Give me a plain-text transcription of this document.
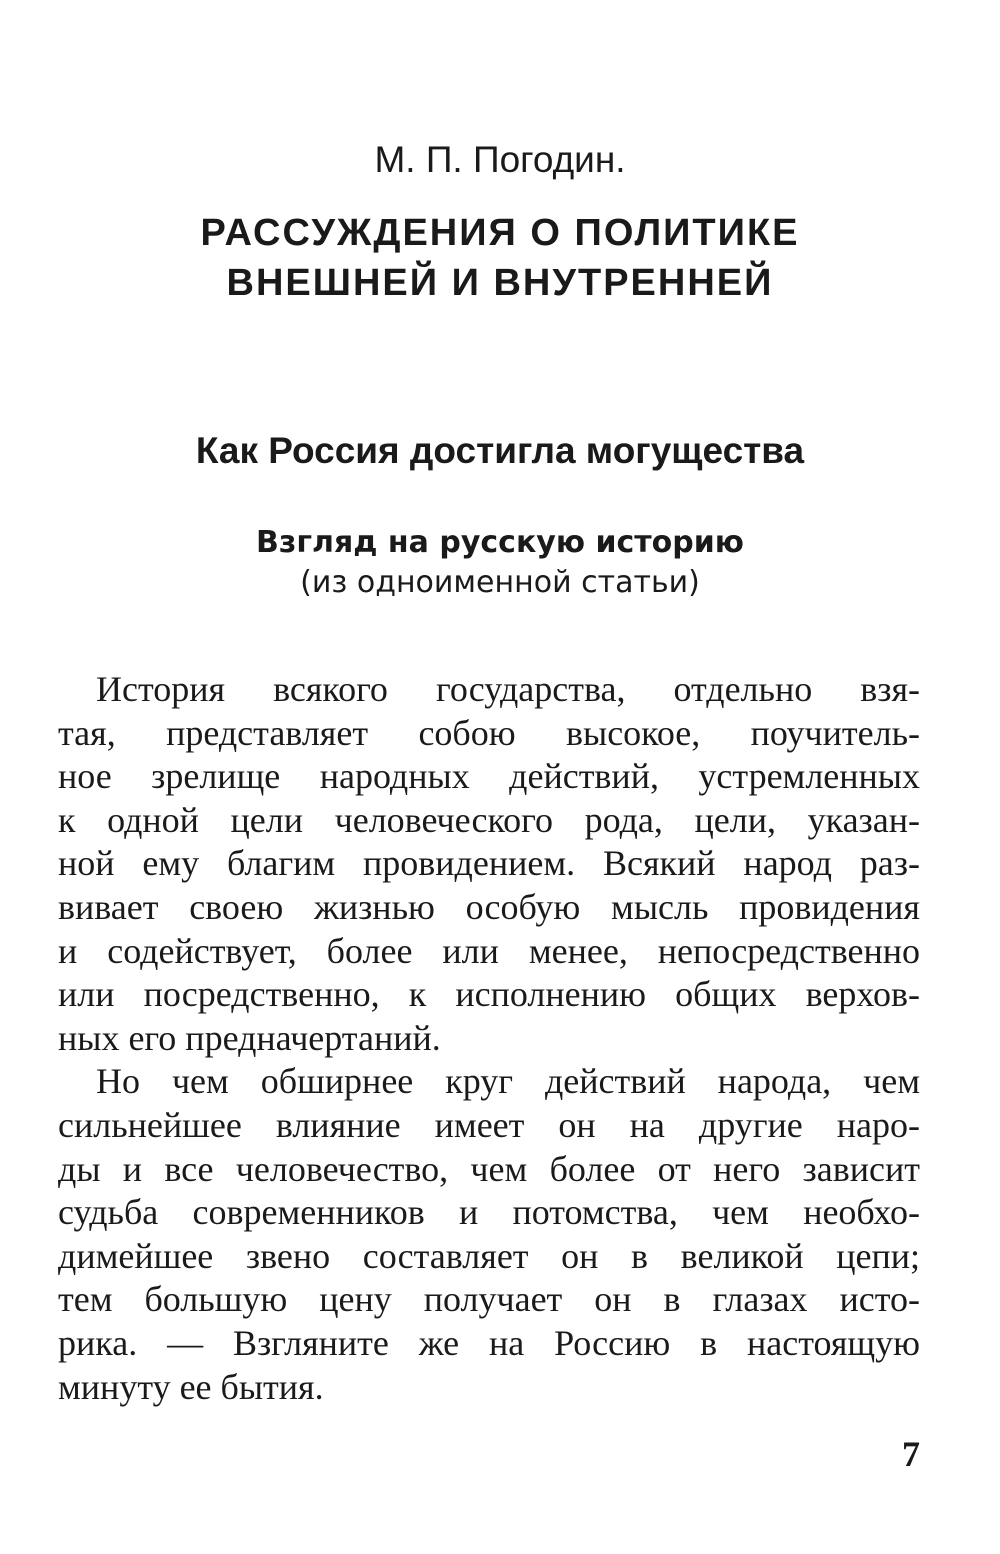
М. П. Погодин.
РАССУЖДЕНИЯ О ПОЛИТИКЕ
ВНЕШНЕЙ И ВНУТРЕННЕЙ
Как Россия достигла могущества
Взгляд на русскую историю
(из одноименной статьи)

История всякого государства, отдельно взя-
тая, представляет собою высокое, поучитель-
ное зрелище народных действий, устремленных
к одной цели человеческого рода, цели, указан-
ной ему благим провидением. Всякий народ раз-
вивает своею жизнью особую мысль провидения
и содействует, более или менее, непосредственно
или посредственно, к исполнению общих верхов-
ных его предначертаний.

Но чем обширнее круг действий народа, чем
сильнейшее влияние имеет он на другие наро-
ды и все человечество, чем более от него зависит
судьба современников и потомства, чем необхо-
димейшее звено составляет он в великой цепи;
тем большую цену получает он в глазах исто-
рика. — Взгляните же на Россию в настоящую
минуту ее бытия.

7
